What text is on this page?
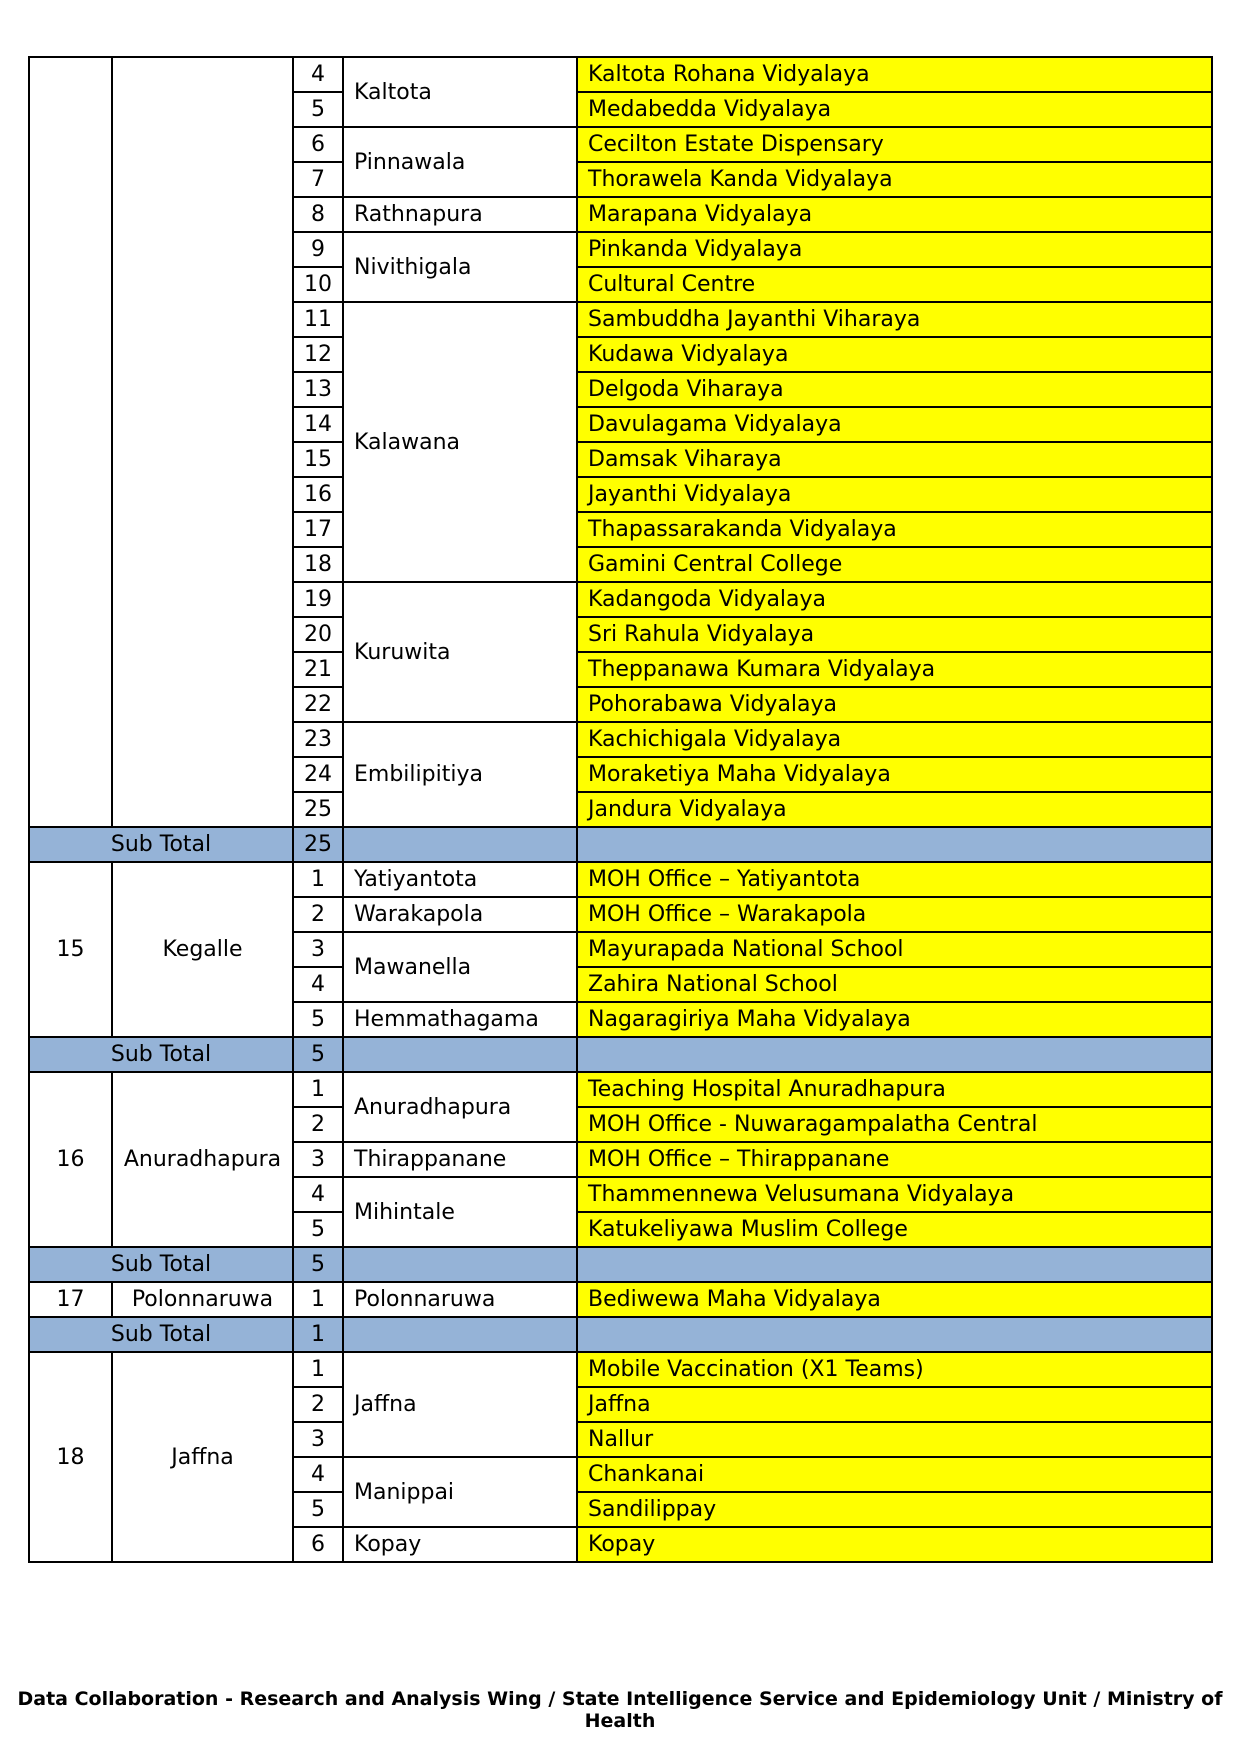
		4	Kaltota	Kaltota Rohana Vidyalaya
		5		Medabedda Vidyalaya
		6	Pinnawala	Cecilton Estate Dispensary
		7		Thorawela Kanda Vidyalaya
		8	Rathnapura	Marapana Vidyalaya
		9	Nivithigala	Pinkanda Vidyalaya
		10		Cultural Centre
		11	Kalawana	Sambuddha Jayanthi Viharaya
		12		Kudawa Vidyalaya
		13		Delgoda Viharaya
		14		Davulagama Vidyalaya
		15		Damsak Viharaya
		16		Jayanthi Vidyalaya
		17		Thapassarakanda Vidyalaya
		18		Gamini Central College
		19	Kuruwita	Kadangoda Vidyalaya
		20		Sri Rahula Vidyalaya
		21		Theppanawa Kumara Vidyalaya
		22		Pohorabawa Vidyalaya
		23	Embilipitiya	Kachichigala Vidyalaya
		24		Moraketiya Maha Vidyalaya
		25		Jandura Vidyalaya
Sub Total		25		
15	Kegalle	1	Yatiyantota	MOH Office – Yatiyantota
		2	Warakapola	MOH Office – Warakapola
		3	Mawanella	Mayurapada National School
		4		Zahira National School
		5	Hemmathagama	Nagaragiriya Maha Vidyalaya
Sub Total		5		
16	Anuradhapura	1	Anuradhapura	Teaching Hospital Anuradhapura
		2		MOH Office - Nuwaragampalatha Central
		3	Thirappanane	MOH Office – Thirappanane
		4	Mihintale	Thammennewa Velusumana Vidyalaya
		5		Katukeliyawa Muslim College
Sub Total		5		
17	Polonnaruwa	1	Polonnaruwa	Bediwewa Maha Vidyalaya
Sub Total		1		
18	Jaffna	1	Jaffna	Mobile Vaccination (X1 Teams)
		2		Jaffna
		3		Nallur
		4	Manippai	Chankanai
		5		Sandilippay
		6	Kopay	Kopay
Data Collaboration - Research and Analysis Wing / State Intelligence Service and Epidemiology Unit / Ministry of Health
